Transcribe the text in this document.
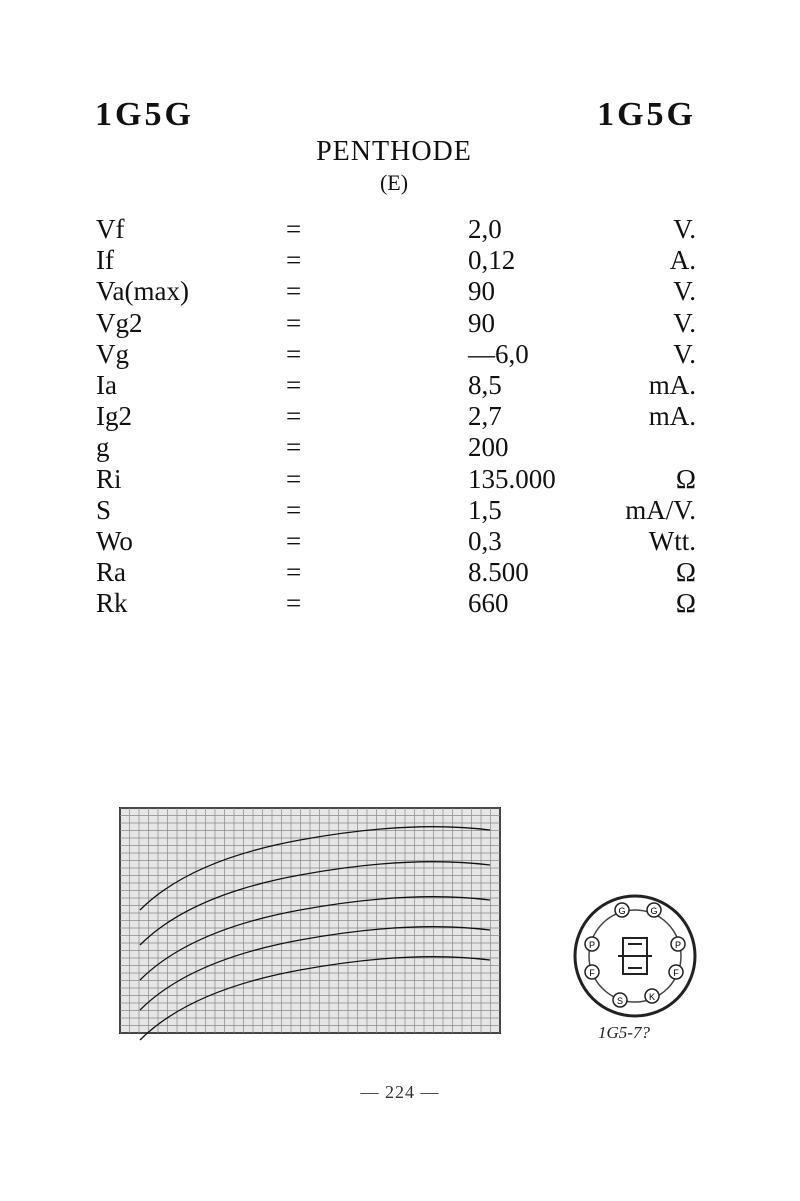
1G5G	1G5G
PENTHODE
(E)
Vf	=	2,0	V.
If	=	0,12	A.
Va(max)	=	90	V.
Vg2	=	90	V.
Vg	=	—6,0	V.
Ia	=	8,5	mA.
Ig2	=	2,7	mA.
g	=	200
Ri	=	135.000	Ω
S	=	1,5	mA/V.
Wo	=	0,3	Wtt.
Ra	=	8.500	Ω
Rk	=	660	Ω
G	G
P
F	F
P
S	K
1G5-7?
— 224 —
